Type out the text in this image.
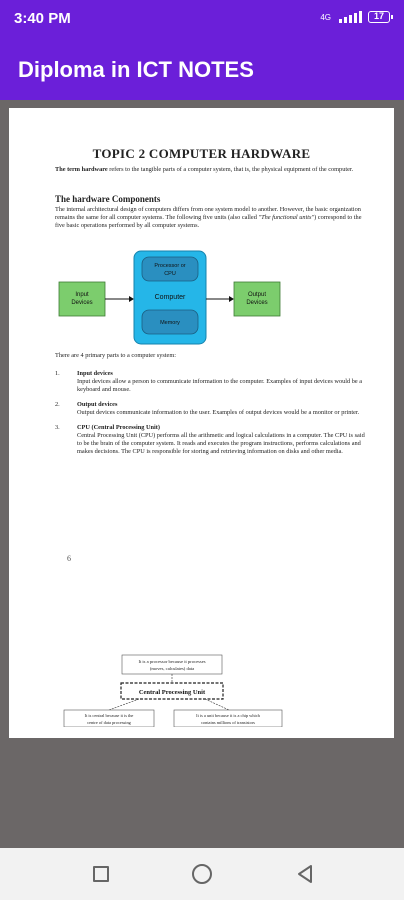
3:40 PM	4G	17
Diploma in ICT NOTES
TOPIC 2 COMPUTER HARDWARE
The term hardware refers to the tangible parts of a computer system, that is, the physical equipment of the computer.
The hardware Components
The internal architectural design of computers differs from one system model to another. However, the basic organization remains the same for all computer systems. The following five units (also called "The functional units") correspond to the five basic operations performed by all computer systems.
Input
Devices
Processor or
CPU
Computer
Memory
Output
Devices
There are 4 primary parts to a computer system:
1.	Input devices
Input devices allow a person to communicate information to the computer. Examples of input devices would be a keyboard and mouse.
2.	Output devices
Output devices communicate information to the user. Examples of output devices would be a monitor or printer.
3.	CPU (Central Processing Unit)
Central Processing Unit (CPU) performs all the arithmetic and logical calculations in a computer. The CPU is said to be the brain of the computer system. It reads and executes the program instructions, performs calculations and makes decisions. The CPU is responsible for storing and retrieving information on disks and other media.
6
It is a processor because it processes
(moves, calculates) data
Central Processing Unit
It is central because it is the
centre of data processing
It is a unit because it is a chip which
contains millions of transistors
